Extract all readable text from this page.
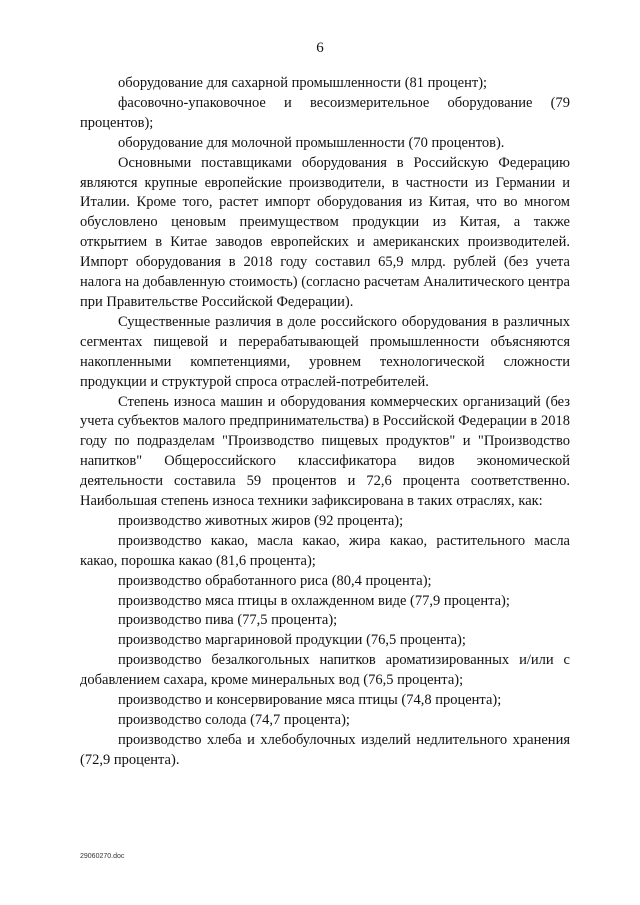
6

оборудование для сахарной промышленности (81 процент);

фасовочно-упаковочное и весоизмерительное оборудование (79 процентов);

оборудование для молочной промышленности (70 процентов).

Основными поставщиками оборудования в Российскую Федерацию являются крупные европейские производители, в частности из Германии и Италии. Кроме того, растет импорт оборудования из Китая, что во многом обусловлено ценовым преимуществом продукции из Китая, а также открытием в Китае заводов европейских и американских производителей. Импорт оборудования в 2018 году составил 65,9 млрд. рублей (без учета налога на добавленную стоимость) (согласно расчетам Аналитического центра при Правительстве Российской Федерации).

Существенные различия в доле российского оборудования в различных сегментах пищевой и перерабатывающей промышленности объясняются накопленными компетенциями, уровнем технологической сложности продукции и структурой спроса отраслей-потребителей.

Степень износа машин и оборудования коммерческих организаций (без учета субъектов малого предпринимательства) в Российской Федерации в 2018 году по подразделам "Производство пищевых продуктов" и "Производство напитков" Общероссийского классификатора видов экономической деятельности составила 59 процентов и 72,6 процента соответственно. Наибольшая степень износа техники зафиксирована в таких отраслях, как:

производство животных жиров (92 процента);

производство какао, масла какао, жира какао, растительного масла какао, порошка какао (81,6 процента);

производство обработанного риса (80,4 процента);

производство мяса птицы в охлажденном виде (77,9 процента);

производство пива (77,5 процента);

производство маргариновой продукции (76,5 процента);

производство безалкогольных напитков ароматизированных и/или с добавлением сахара, кроме минеральных вод (76,5 процента);

производство и консервирование мяса птицы (74,8 процента);

производство солода (74,7 процента);

производство хлеба и хлебобулочных изделий недлительного хранения (72,9 процента).

29060270.doc
